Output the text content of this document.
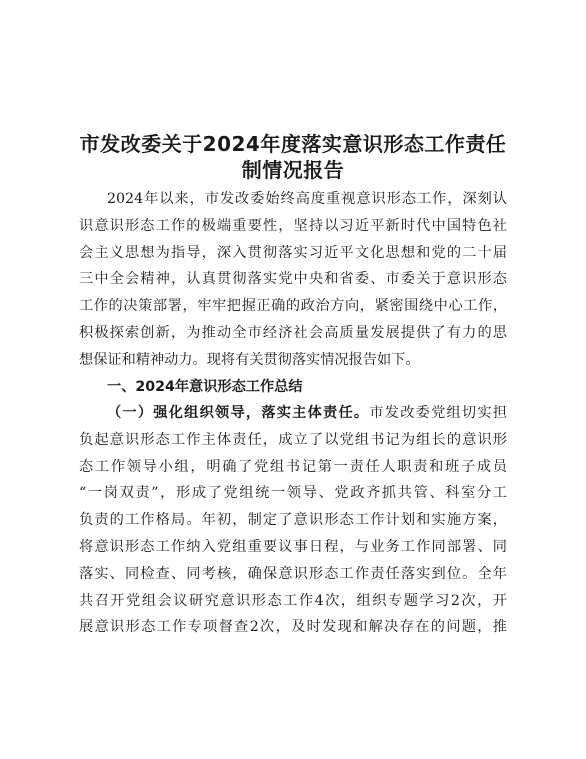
市发改委关于2024年度落实意识形态工作责任
制情况报告
2024年以来，市发改委始终高度重视意识形态工作，深刻认
识意识形态工作的极端重要性，坚持以习近平新时代中国特色社
会主义思想为指导，深入贯彻落实习近平文化思想和党的二十届
三中全会精神，认真贯彻落实党中央和省委、市委关于意识形态
工作的决策部署，牢牢把握正确的政治方向，紧密围绕中心工作，
积极探索创新，为推动全市经济社会高质量发展提供了有力的思
想保证和精神动力。现将有关贯彻落实情况报告如下。
一、2024年意识形态工作总结
（一）强化组织领导，落实主体责任。市发改委党组切实担
负起意识形态工作主体责任，成立了以党组书记为组长的意识形
态工作领导小组，明确了党组书记第一责任人职责和班子成员
“一岗双责”，形成了党组统一领导、党政齐抓共管、科室分工
负责的工作格局。年初，制定了意识形态工作计划和实施方案，
将意识形态工作纳入党组重要议事日程，与业务工作同部署、同
落实、同检查、同考核，确保意识形态工作责任落实到位。全年
共召开党组会议研究意识形态工作4次，组织专题学习2次，开
展意识形态工作专项督查2次，及时发现和解决存在的问题，推
